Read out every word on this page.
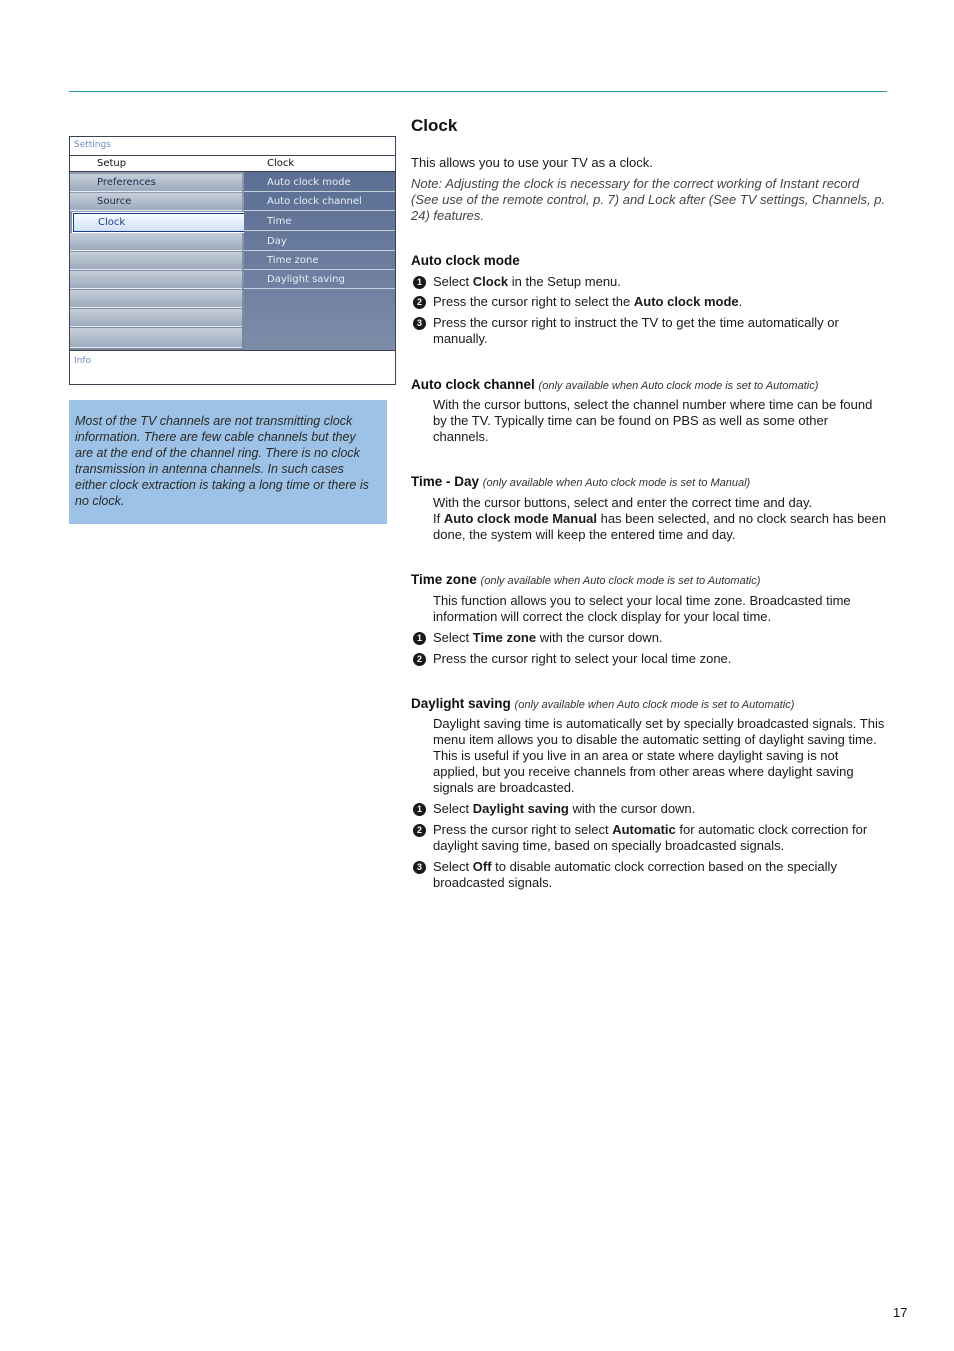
Settings
Setup	Clock
Preferences
Source
Clock
Auto clock mode
Auto clock channel
Time
Day
Time zone
Daylight saving
Info
Most of the TV channels are not transmitting clock information. There are few cable channels but they are at the end of the channel ring. There is no clock transmission in antenna channels. In such cases either clock extraction is taking a long time or there is no clock.
Clock
This allows you to use your TV as a clock.
Note: Adjusting the clock is necessary for the correct working of Instant record (See use of the remote control, p. 7) and Lock after (See TV settings, Channels, p. 24) features.
Auto clock mode
1 Select Clock in the Setup menu.
2 Press the cursor right to select the Auto clock mode.
3 Press the cursor right to instruct the TV to get the time automatically or manually.
Auto clock channel (only available when Auto clock mode is set to Automatic)
With the cursor buttons, select the channel number where time can be found by the TV. Typically time can be found on PBS as well as some other channels.
Time - Day (only available when Auto clock mode is set to Manual)
With the cursor buttons, select and enter the correct time and day.
If Auto clock mode Manual has been selected, and no clock search has been done, the system will keep the entered time and day.
Time zone (only available when Auto clock mode is set to Automatic)
This function allows you to select your local time zone. Broadcasted time information will correct the clock display for your local time.
1 Select Time zone with the cursor down.
2 Press the cursor right to select your local time zone.
Daylight saving (only available when Auto clock mode is set to Automatic)
Daylight saving time is automatically set by specially broadcasted signals. This menu item allows you to disable the automatic setting of daylight saving time. This is useful if you live in an area or state where daylight saving is not applied, but you receive channels from other areas where daylight saving signals are broadcasted.
1 Select Daylight saving with the cursor down.
2 Press the cursor right to select Automatic for automatic clock correction for daylight saving time, based on specially broadcasted signals.
3 Select Off to disable automatic clock correction based on the specially broadcasted signals.
17
